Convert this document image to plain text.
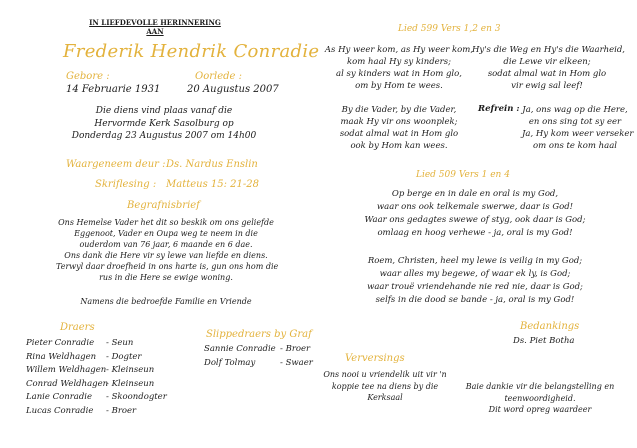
IN LIEFDEVOLLE HERINNERING
AAN
Frederik Hendrik Conradie
Gebore :
14 Februarie 1931
Oorlede :
20 Augustus 2007
Die diens vind plaas vanaf die
Hervormde Kerk Sasolburg op
Donderdag 23 Augustus 2007 om 14h00
Waargeneem deur : Ds. Nardus Enslin
Skriflesing : Matteus 15: 21-28
Begrafnisbrief
Ons Hemelse Vader het dit so beskik om ons geliefde
Eggenoot, Vader en Oupa weg te neem in die
ouderdom van 76 jaar, 6 maande en 6 dae.
Ons dank die Here vir sy lewe van liefde en diens.
Terwyl daar droefheid in ons harte is, gun ons hom die
rus in die Here se ewige woning.
Namens die bedroefde Familie en Vriende
Draers
Pieter Conradie - Seun
Rina Weldhagen - Dogter
Willem Weldhagen- Kleinseun
Conrad Weldhagen- Kleinseun
Lanie Conradie - Skoondogter
Lucas Conradie - Broer
Slippedraers by Graf
Sannie Conradie - Broer
Dolf Tolmay	- Swaer
Lied 599 Vers 1,2 en 3
As Hy weer kom, as Hy weer kom,
kom haal Hy sy kinders;
al sy kinders wat in Hom glo,
om by Hom te wees.
By die Vader, by die Vader,
maak Hy vir ons woonplek;
sodat almal wat in Hom glo
ook by Hom kan wees.
Hy's die Weg en Hy's die Waarheid,
die Lewe vir elkeen;
sodat almal wat in Hom glo
vir ewig sal leef!
Refrein : Ja, ons wag op die Here,
en ons sing tot sy eer
Ja, Hy kom weer verseker
om ons te kom haal
Lied 509 Vers 1 en 4
Op berge en in dale en oral is my God,
waar ons ook telkemale swerwe, daar is God!
Waar ons gedagtes swewe of styg, ook daar is God;
omlaag en hoog verhewe - ja, oral is my God!
Roem, Christen, heel my lewe is veilig in my God;
waar alles my begewe, of waar ek ly, is God;
waar trouë vriendehande nie red nie, daar is God;
selfs in die dood se bande - ja, oral is my God!
Verversings
Ons nooi u vriendelik uit vir 'n
koppie tee na diens by die
Kerksaal
Bedankings
Ds. Piet Botha
Baie dankie vir die belangstelling en
teenwoordigheid.
Dit word opreg waardeer
